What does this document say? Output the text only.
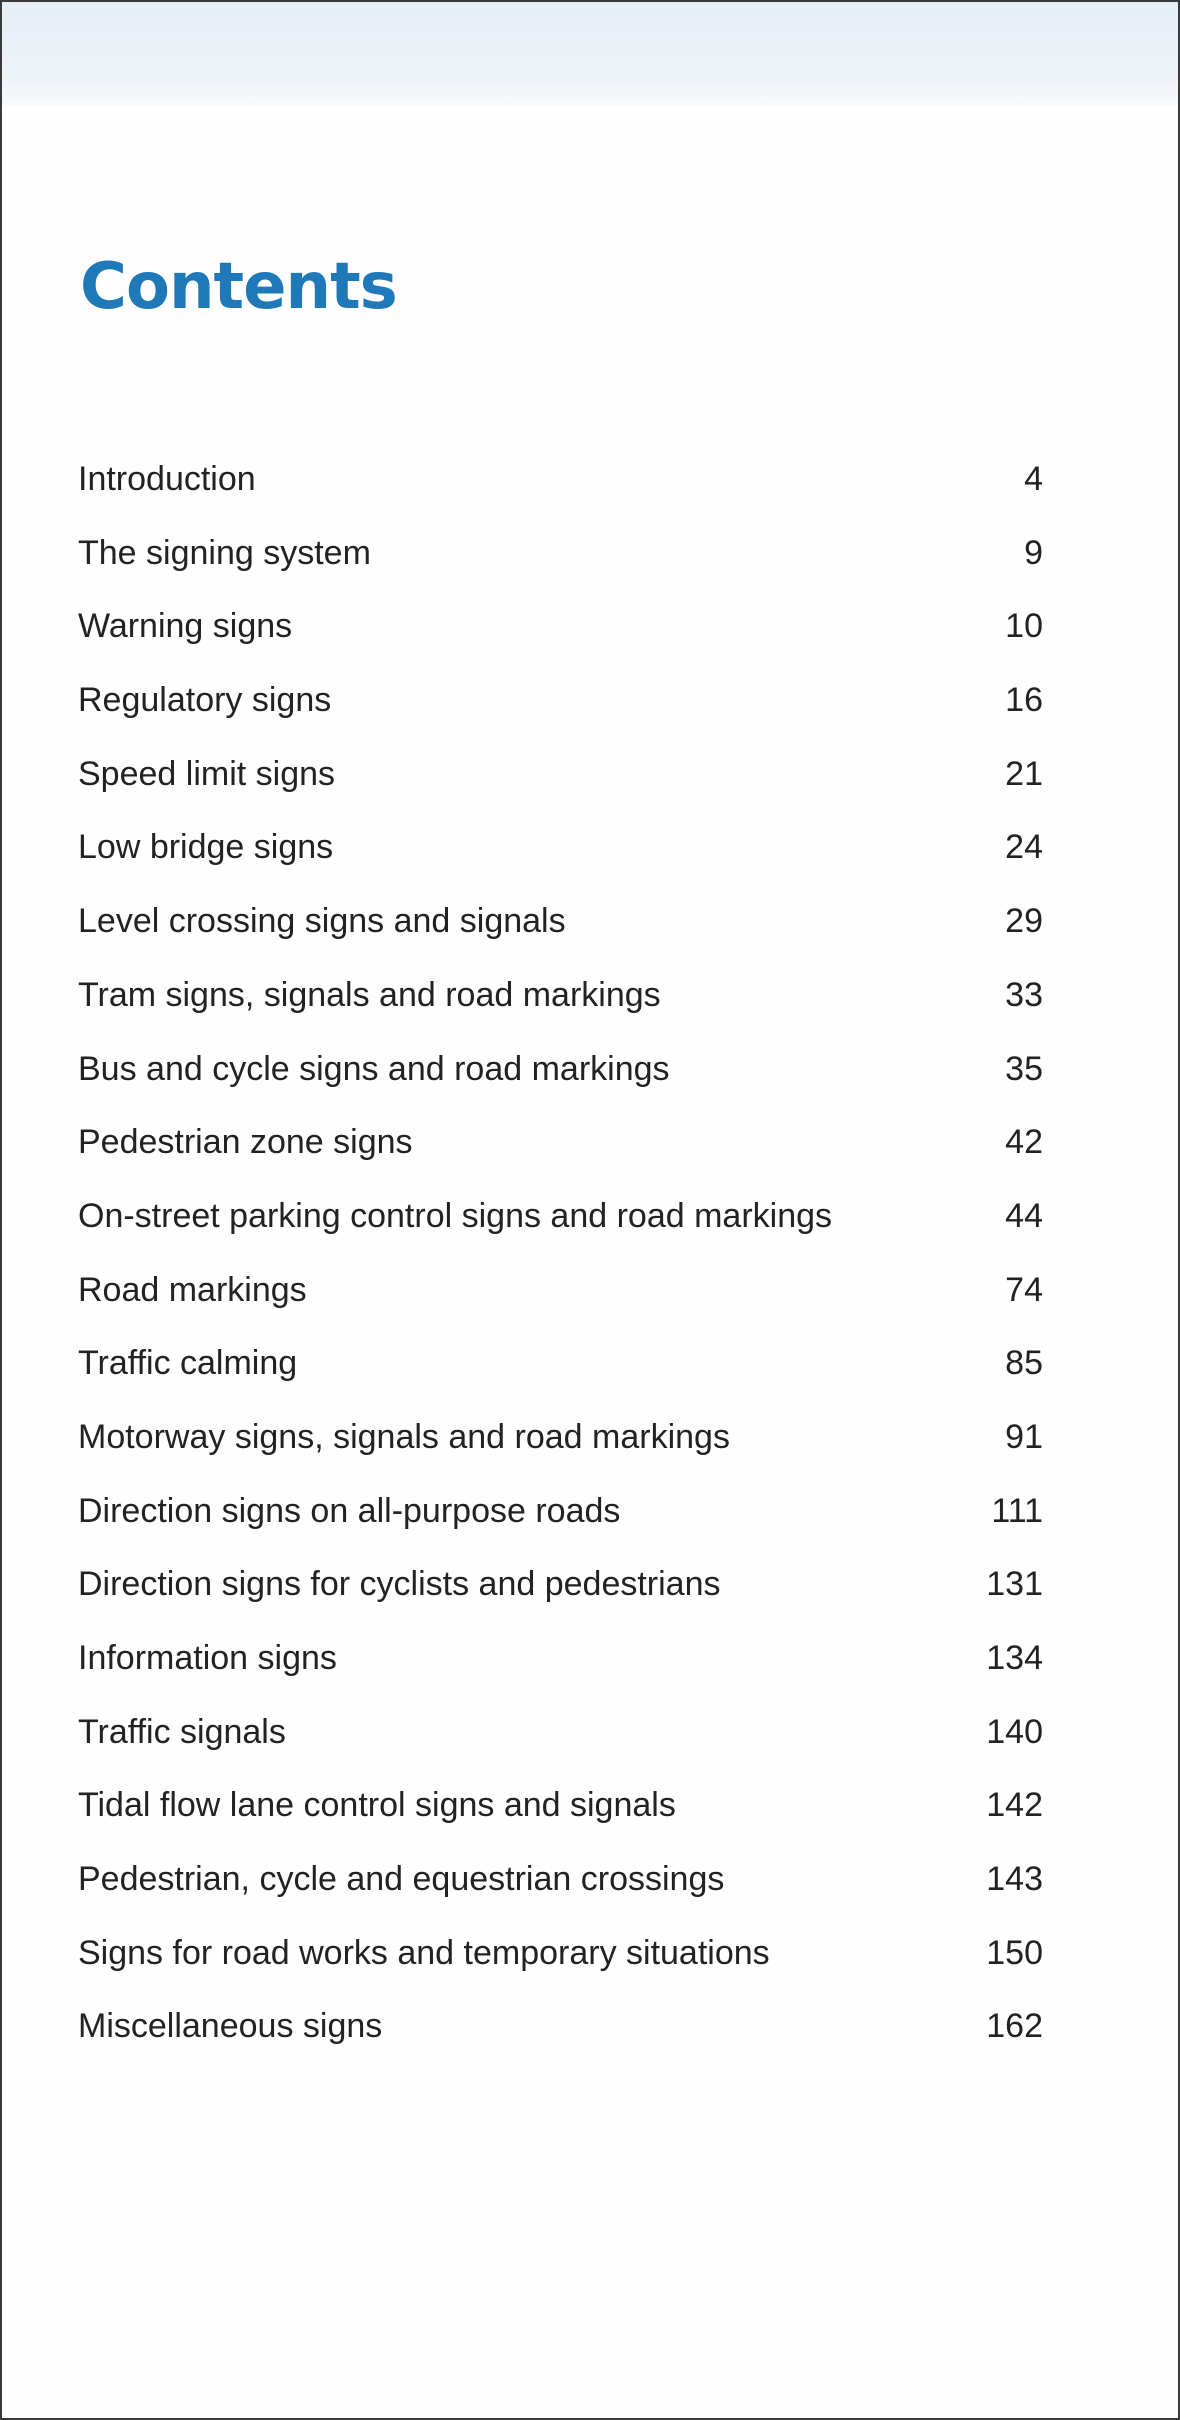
Contents
Introduction	4
The signing system	9
Warning signs	10
Regulatory signs	16
Speed limit signs	21
Low bridge signs	24
Level crossing signs and signals	29
Tram signs, signals and road markings	33
Bus and cycle signs and road markings	35
Pedestrian zone signs	42
On-street parking control signs and road markings	44
Road markings	74
Traffic calming	85
Motorway signs, signals and road markings	91
Direction signs on all-purpose roads	111
Direction signs for cyclists and pedestrians	131
Information signs	134
Traffic signals	140
Tidal flow lane control signs and signals	142
Pedestrian, cycle and equestrian crossings	143
Signs for road works and temporary situations	150
Miscellaneous signs	162
